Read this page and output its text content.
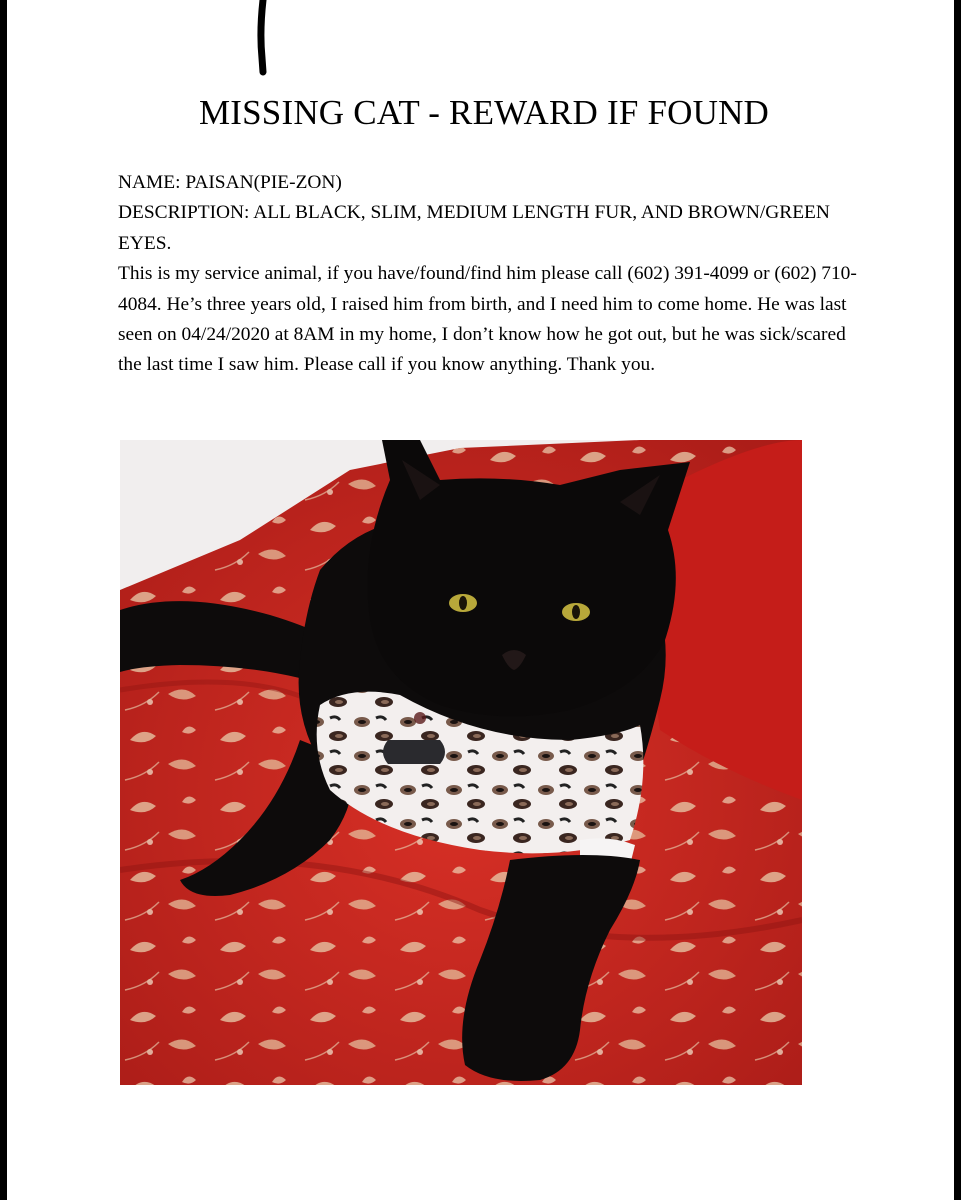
MISSING CAT - REWARD IF FOUND

NAME: PAISAN(PIE-ZON)

DESCRIPTION: ALL BLACK, SLIM, MEDIUM LENGTH FUR, AND BROWN/GREEN EYES.

This is my service animal, if you have/found/find him please call (602) 391-4099 or (602) 710-4084. He’s three years old, I raised him from birth, and I need him to come home. He was last seen on 04/24/2020 at 8AM in my home, I don’t know how he got out, but he was sick/scared the last time I saw him. Please call if you know anything. Thank you.
